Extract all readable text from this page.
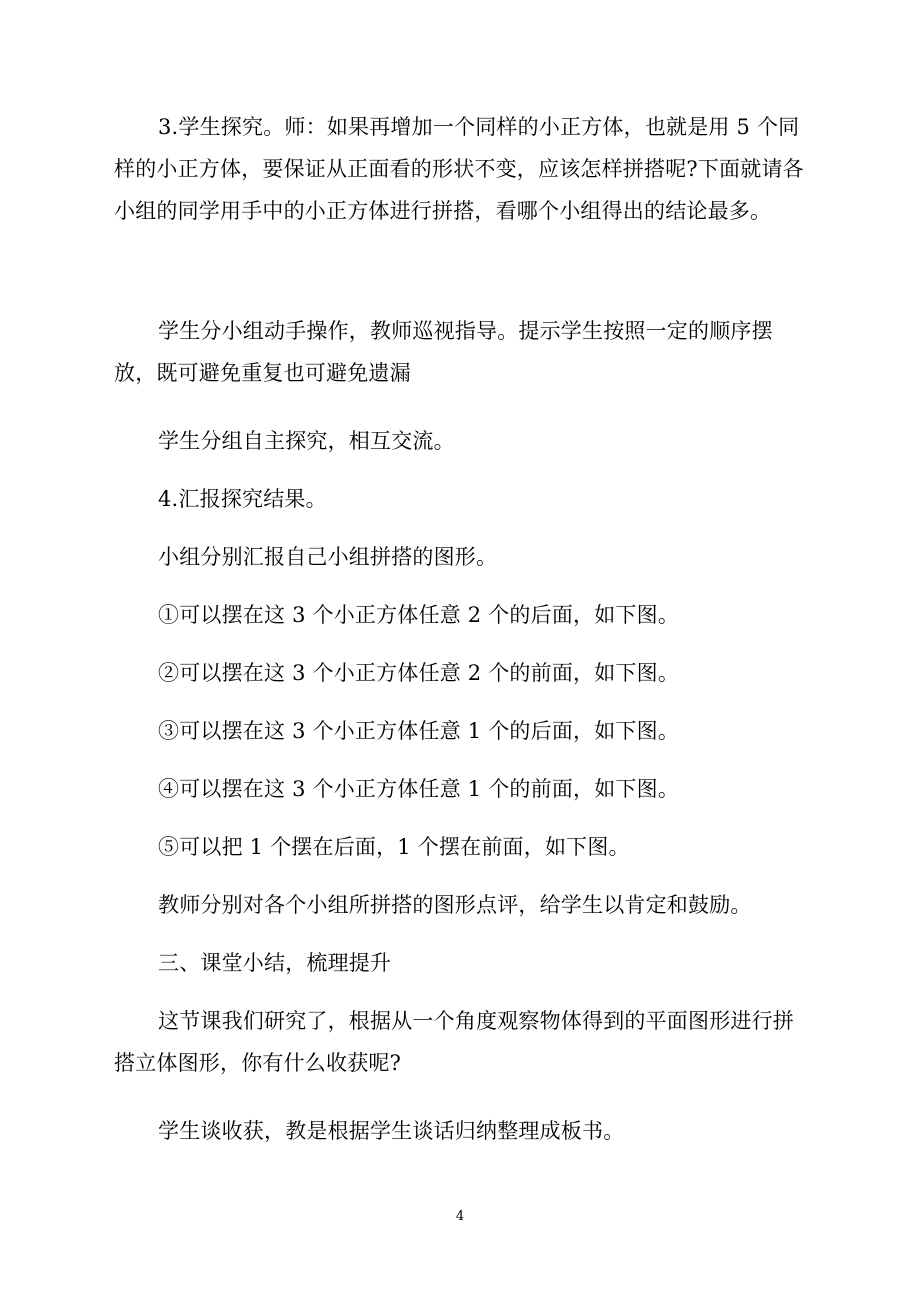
3.学生探究。师：如果再增加一个同样的小正方体，也就是用 5 个同样的小正方体，要保证从正面看的形状不变，应该怎样拼搭呢?下面就请各小组的同学用手中的小正方体进行拼搭，看哪个小组得出的结论最多。

学生分小组动手操作，教师巡视指导。提示学生按照一定的顺序摆放，既可避免重复也可避免遗漏

学生分组自主探究，相互交流。

4.汇报探究结果。

小组分别汇报自己小组拼搭的图形。

①可以摆在这 3 个小正方体任意 2 个的后面，如下图。

②可以摆在这 3 个小正方体任意 2 个的前面，如下图。

③可以摆在这 3 个小正方体任意 1 个的后面，如下图。

④可以摆在这 3 个小正方体任意 1 个的前面，如下图。

⑤可以把 1 个摆在后面，1 个摆在前面，如下图。

教师分别对各个小组所拼搭的图形点评，给学生以肯定和鼓励。

三、课堂小结，梳理提升

这节课我们研究了，根据从一个角度观察物体得到的平面图形进行拼搭立体图形，你有什么收获呢?

学生谈收获，教是根据学生谈话归纳整理成板书。

4
